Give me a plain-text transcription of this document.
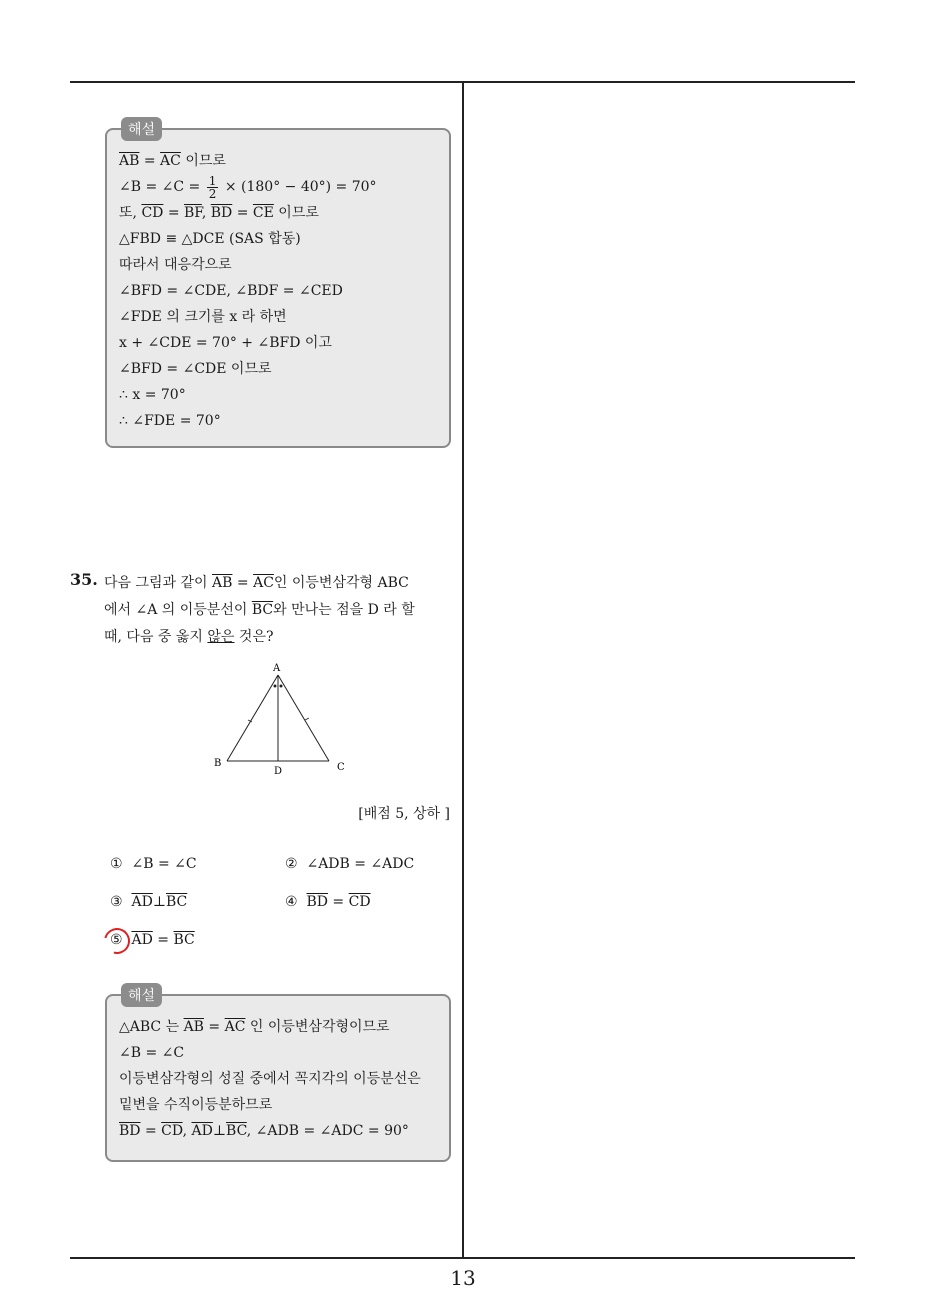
해설
$\overline{AB} = \overline{AC}$ 이므로
∠B = ∠C = $\frac{1}{2} \times (180^\circ - 40^\circ) = 70^\circ$
또, $\overline{CD} = \overline{BF}$, $\overline{BD} = \overline{CE}$ 이므로
△FBD ≡ △DCE (SAS 합동)
따라서 대응각으로
∠BFD = ∠CDE, ∠BDF = ∠CED
∠FDE 의 크기를 x 라 하면
x + ∠CDE = 70° + ∠BFD 이고
∠BFD = ∠CDE 이므로
∴ x = 70°
∴ ∠FDE = 70°
35. 다음 그림과 같이 $\overline{AB} = \overline{AC}$인 이등변삼각형 ABC
에서 ∠A 의 이등분선이 $\overline{BC}$와 만나는 점을 D 라 할
때, 다음 중 옳지 않은 것은?
A
B	C
D
[배점 5, 상하 ]
① ∠B = ∠C	② ∠ADB = ∠ADC
③ $\overline{AD}\perp\overline{BC}$	④ $\overline{BD} = \overline{CD}$
⑤ $\overline{AD} = \overline{BC}$
해설
△ABC 는 $\overline{AB} = \overline{AC}$ 인 이등변삼각형이므로
∠B = ∠C
이등변삼각형의 성질 중에서 꼭지각의 이등분선은
밑변을 수직이등분하므로
$\overline{BD} = \overline{CD}$, $\overline{AD}\perp\overline{BC}$, ∠ADB = ∠ADC = 90°
13
